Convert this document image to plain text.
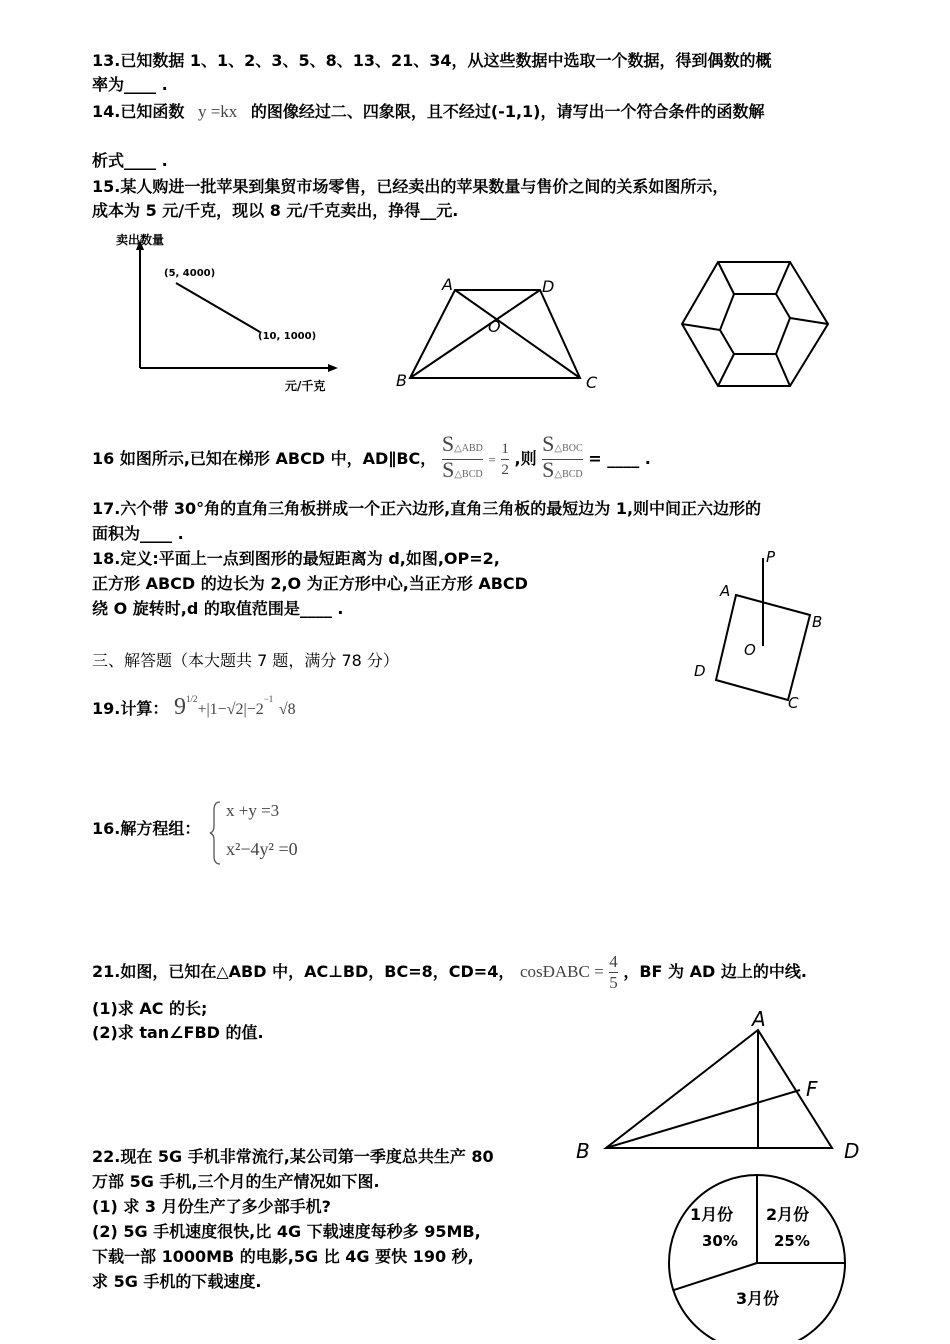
13.已知数据 1、1、2、3、5、8、13、21、34，从这些数据中选取一个数据，得到偶数的概
率为____ .
14.已知函数 y =kx 的图像经过二、四象限，且不经过(-1,1)，请写出一个符合条件的函数解
析式____ .
15.某人购进一批苹果到集贸市场零售，已经卖出的苹果数量与售价之间的关系如图所示，
成本为 5 元/千克，现以 8 元/千克卖出，挣得__元.
卖出数量
(5, 4000)
(10, 1000)
元/千克
A	D
O
B	C
16 如图所示,已知在梯形 ABCD 中，AD∥BC， $\frac{\text{S△ABD}}{\text{S△BCD}} = \frac{1}{2}$ ,则 $\frac{\text{S△BOC}}{\text{S△BCD}}$ = ____ .
17.六个带 30°角的直角三角板拼成一个正六边形,直角三角板的最短边为 1,则中间正六边形的
面积为____ .
18.定义:平面上一点到图形的最短距离为 d,如图,OP=2,
正方形 ABCD 的边长为 2,O 为正方形中心,当正方形 ABCD
绕 O 旋转时,d 的取值范围是____ .
P
A
B
O
D
C
三、解答题（本大题共 7 题，满分 78 分）
19.计算： $9^{1/2}+|1-√2|-2^{-1}$ √8
16.解方程组：
x +y =3
x²−4y² =0
21.如图，已知在△ABD 中，AC⊥BD，BC=8，CD=4， cosÐABC = $\frac{4}{5}$ ，BF 为 AD 边上的中线.
(1)求 AC 的长;
(2)求 tan∠FBD 的值.
A
F
B	D
22.现在 5G 手机非常流行,某公司第一季度总共生产 80
万部 5G 手机,三个月的生产情况如下图.
(1) 求 3 月份生产了多少部手机?
(2) 5G 手机速度很快,比 4G 下载速度每秒多 95MB,
下载一部 1000MB 的电影,5G 比 4G 要快 190 秒,
求 5G 手机的下载速度.
1月份
30%
2月份
25%
3月份
